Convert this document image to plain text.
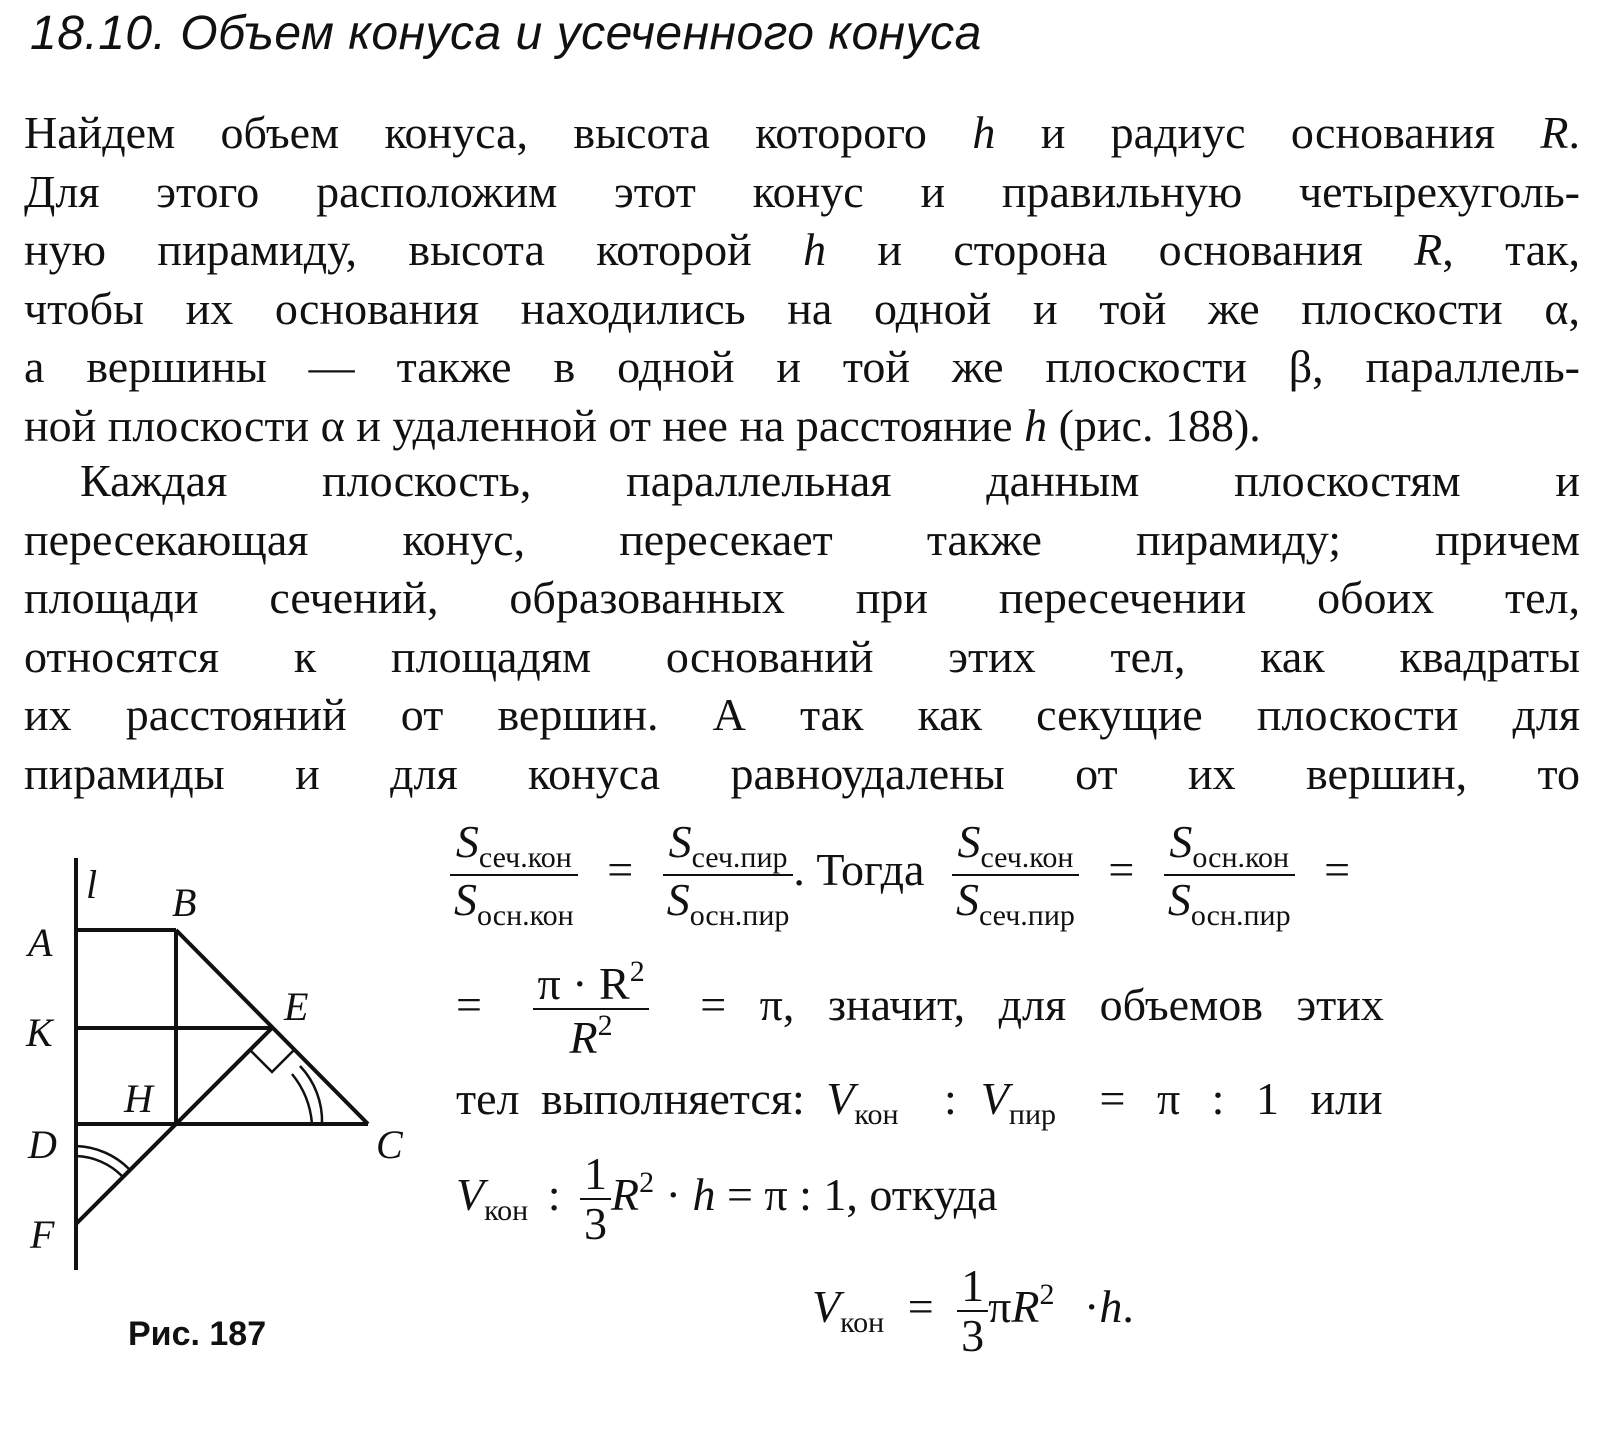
18.10. Объем конуса и усеченного конуса

Найдем объем конуса, высота которого h и радиус основания R.
Для этого расположим этот конус и правильную четырехуголь-
ную пирамиду, высота которой h и сторона основания R, так,
чтобы их основания находились на одной и той же плоскости α,
а вершины — также в одной и той же плоскости β, параллель-
ной плоскости α и удаленной от нее на расстояние h (рис. 188).

Каждая плоскость, параллельная данным плоскостям и
пересекающая конус, пересекает также пирамиду; причем
площади сечений, образованных при пересечении обоих тел,
относятся к площадям оснований этих тел, как квадраты
их расстояний от вершин. А так как секущие плоскости для
пирамиды и для конуса равноудалены от их вершин, то

l B
A
K
E
H
D	C
F
Рис. 187
$\frac{S_{сеч.кон}}{S_{осн.кон}} = \frac{S_{сеч.пир}}{S_{осн.пир}}$ . Тогда $\frac{S_{сеч.кон}}{S_{сеч.пир}} = \frac{S_{осн.кон}}{S_{осн.пир}}$ =
= $\frac{\pi \cdot R^2}{R^2} = \pi$, значит, для объемов этих
тел выполняется: $V_{кон}$ : $V_{пир} = \pi$ : 1 или
$V_{кон}$ : $\frac{1}{3} R^2 \cdot h = \pi$ : 1, откуда
$V_{кон} = \frac{1}{3} \pi R^2 \cdot h$.
